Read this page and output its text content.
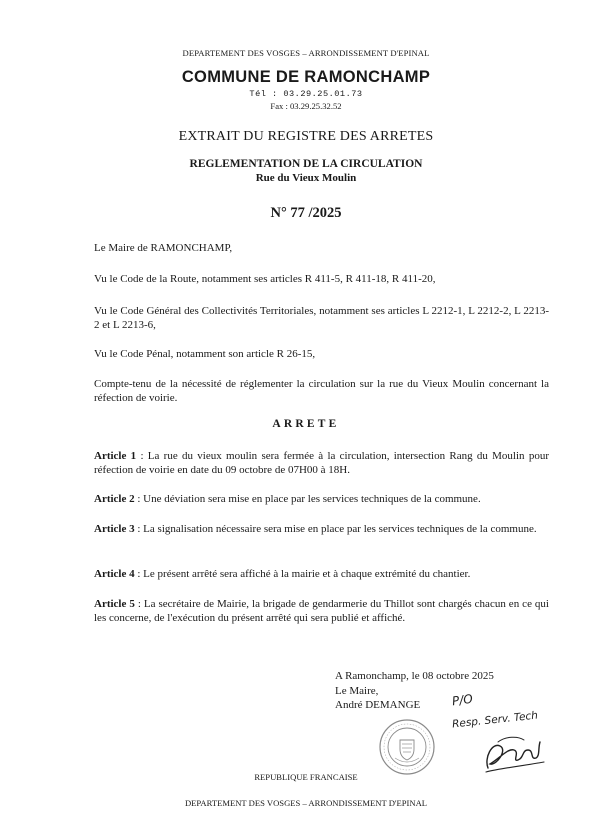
DEPARTEMENT DES VOSGES – ARRONDISSEMENT D'EPINAL
COMMUNE DE RAMONCHAMP
Tél : 03.29.25.01.73
Fax : 03.29.25.32.52
EXTRAIT DU REGISTRE DES ARRETES
REGLEMENTATION DE LA CIRCULATION
Rue du Vieux Moulin
N° 77 /2025
Le Maire de RAMONCHAMP,
Vu le Code de la Route, notamment ses articles R 411-5, R 411-18, R 411-20,
Vu le Code Général des Collectivités Territoriales, notamment ses articles L 2212-1, L 2212-2, L 2213-2 et L 2213-6,
Vu le Code Pénal, notamment son article R 26-15,
Compte-tenu de la nécessité de réglementer la circulation sur la rue du Vieux Moulin concernant la réfection de voirie.
ARRETE
Article 1 : La rue du vieux moulin sera fermée à la circulation, intersection Rang du Moulin pour réfection de voirie en date du 09 octobre de 07H00 à 18H.
Article 2 : Une déviation sera mise en place par les services techniques de la commune.
Article 3 : La signalisation nécessaire sera mise en place par les services techniques de la commune.
Article 4 : Le présent arrêté sera affiché à la mairie et à chaque extrémité du chantier.
Article 5 : La secrétaire de Mairie, la brigade de gendarmerie du Thillot sont chargés chacun en ce qui les concerne, de l'exécution du présent arrêté qui sera publié et affiché.
A Ramonchamp, le 08 octobre 2025
Le Maire,
André DEMANGE	P/O
Resp. Serv. Tech
REPUBLIQUE FRANCAISE
DEPARTEMENT DES VOSGES – ARRONDISSEMENT D'EPINAL
